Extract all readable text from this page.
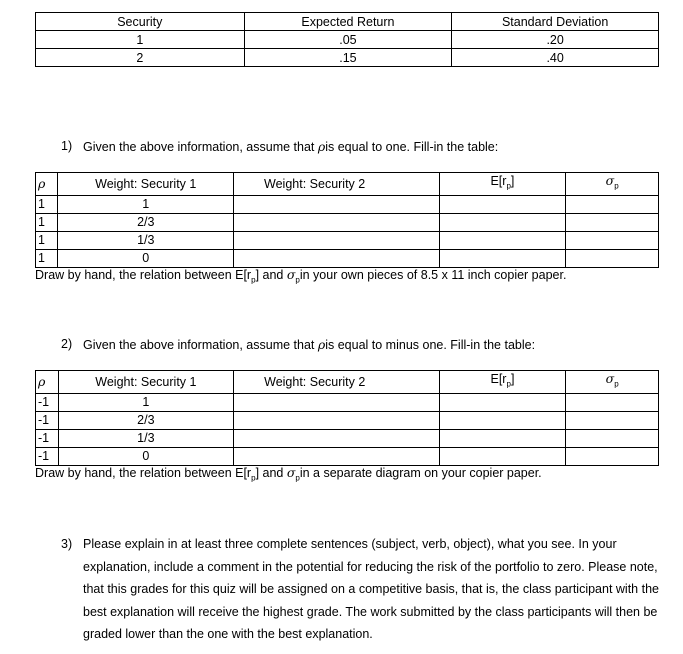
Security	Expected Return	Standard Deviation
1	.05	.20
2	.15	.40
1) Given the above information, assume that ρis equal to one. Fill-in the table:
ρ	Weight: Security 1	Weight: Security 2	$E[r_p]$	$\sigma_p$
1	1			
1	2/3			
1	1/3			
1	0			
Draw by hand, the relation between $E[r_p]$ and $\sigma_pin$ your own pieces of 8.5 x 11 inch copier paper.
2) Given the above information, assume that ρis equal to minus one. Fill-in the table:
ρ	Weight: Security 1	Weight: Security 2	$E[r_p]$	$\sigma_p$
-1	1			
-1	2/3			
-1	1/3			
-1	0			
Draw by hand, the relation between $E[r_p]$ and $\sigma_pin$ a separate diagram on your copier paper.
3) Please explain in at least three complete sentences (subject, verb, object), what you see. In your explanation, include a comment in the potential for reducing the risk of the portfolio to zero. Please note, that this grades for this quiz will be assigned on a competitive basis, that is, the class participant with the best explanation will receive the highest grade. The work submitted by the class participants will then be graded lower than the one with the best explanation.
